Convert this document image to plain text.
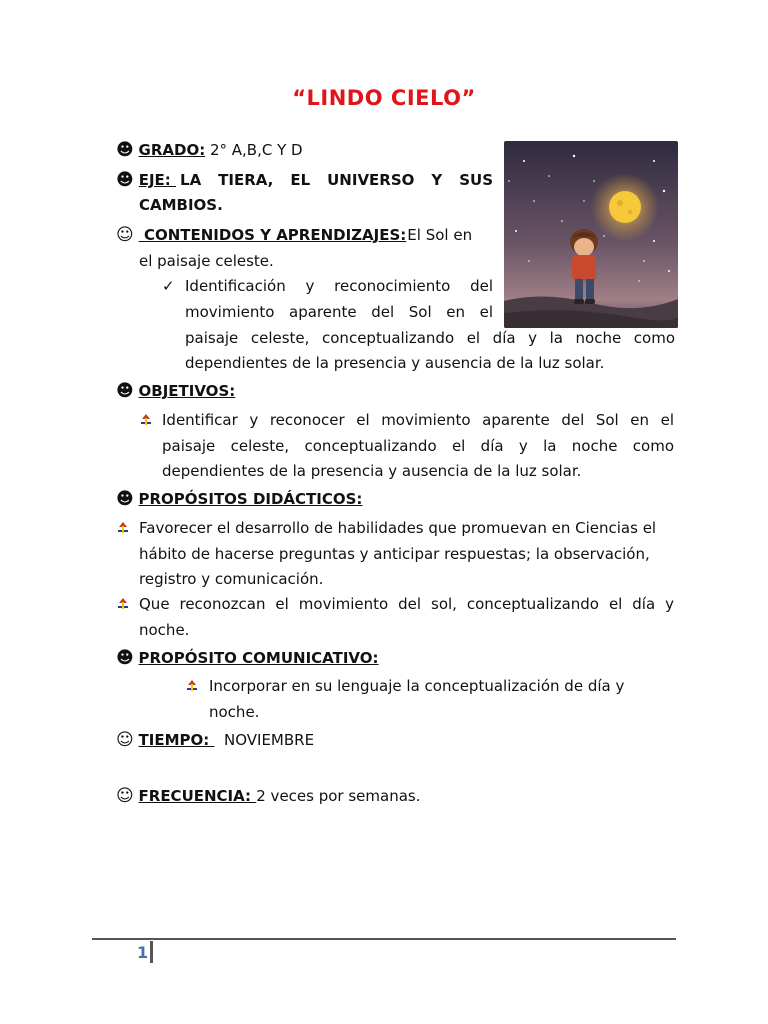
“LINDO CIELO”
☻ GRADO: 2° A,B,C Y D
☻ EJE: LA TIERA, EL UNIVERSO Y SUS
CAMBIOS.
☺ CONTENIDOS Y APRENDIZAJES: El Sol en
el paisaje celeste.
✓ Identificación y reconocimiento del
movimiento aparente del Sol en el
paisaje celeste, conceptualizando el día y la noche como
dependientes de la presencia y ausencia de la luz solar.
☻ OBJETIVOS:
Identificar y reconocer el movimiento aparente del Sol en el
paisaje celeste, conceptualizando el día y la noche como
dependientes de la presencia y ausencia de la luz solar.
☻ PROPÓSITOS DIDÁCTICOS:
Favorecer el desarrollo de habilidades que promuevan en Ciencias el
hábito de hacerse preguntas y anticipar respuestas; la observación,
registro y comunicación.
Que reconozcan el movimiento del sol, conceptualizando el día y
noche.
☻ PROPÓSITO COMUNICATIVO:
Incorporar en su lenguaje la conceptualización de día y
noche.
☺ TIEMPO:   NOVIEMBRE
☺ FRECUENCIA: 2 veces por semanas.
1
